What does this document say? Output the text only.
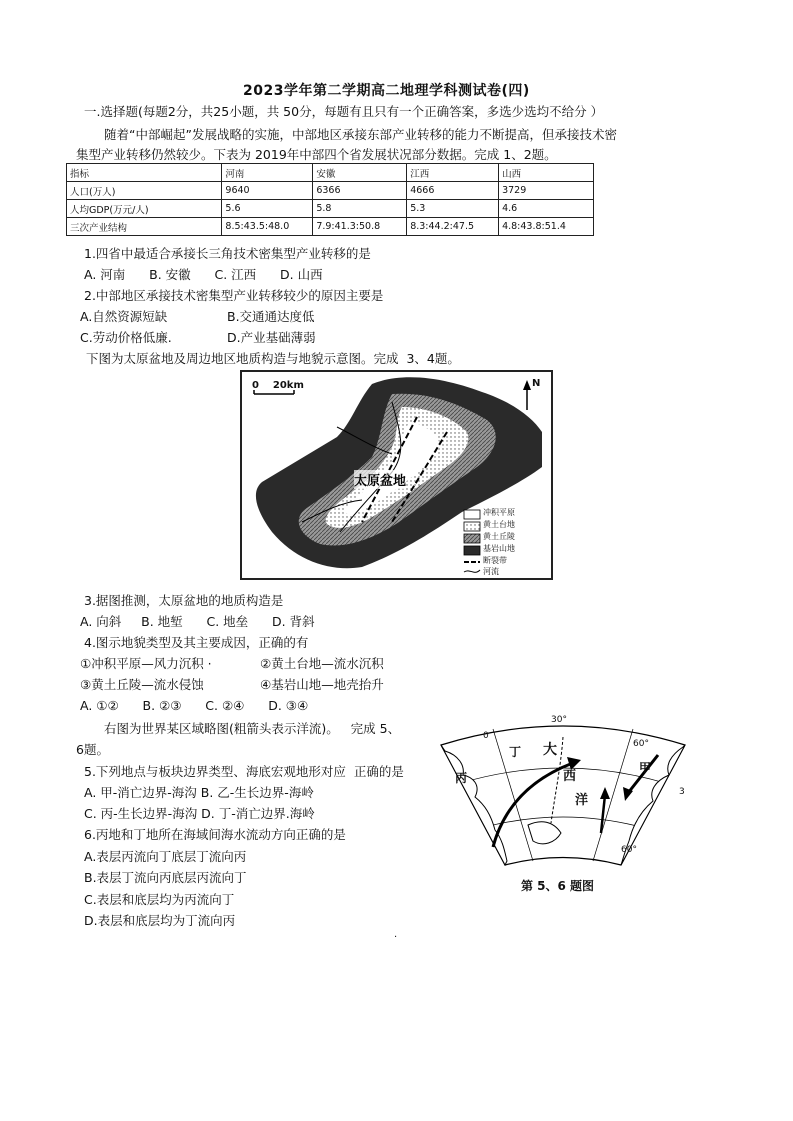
2023学年第二学期高二地理学科测试卷(四)
一.选择题(每题2分，共25小题，共 50分，每题有且只有一个正确答案，多选少选均不给分 ）
随着“中部崛起”发展战略的实施，中部地区承接东部产业转移的能力不断提高，但承接技术密
集型产业转移仍然较少。下表为 2019年中部四个省发展状况部分数据。完成 1、2题。
指标	河南	安徽	江西	山西
人口(万人)	9640	6366	4666	3729
人均GDP(万元/人)	5.6	5.8	5.3	4.6
三次产业结构	8.5:43.5:48.0	7.9:41.3:50.8	8.3:44.2:47.5	4.8:43.8:51.4
1.四省中最适合承接长三角技术密集型产业转移的是
A. 河南      B. 安徽      C. 江西      D. 山西
2.中部地区承接技术密集型产业转移较少的原因主要是
A.自然资源短缺	B.交通通达度低
C.劳动价格低廉.	D.产业基础薄弱
下图为太原盆地及周边地区地质构造与地貌示意图。完成  3、4题。
0    20km	N
太原盆地
冲积平原
黄土台地
黄土丘陵
基岩山地
断裂带
河流
3.据图推测，太原盆地的地质构造是
A. 向斜     B. 地堑      C. 地垒      D. 背斜
4.图示地貌类型及其主要成因，正确的有
①冲积平原—风力沉积 ·	②黄土台地—流水沉积
③黄土丘陵—流水侵蚀	④基岩山地—地壳抬升
A. ①②      B. ②③      C. ②④      D. ③④
右图为世界某区域略图(粗箭头表示洋流)。   完成 5、
6题。
5.下列地点与板块边界类型、海底宏观地形对应  正确的是
A. 甲-消亡边界-海沟 B. 乙-生长边界-海岭
C. 丙-生长边界-海沟 D. 丁-消亡边界.海岭
6.丙地和丁地所在海域间海水流动方向正确的是
A.表层丙流向丁底层丁流向丙
B.表层丁流向丙底层丙流向丁
C.表层和底层均为丙流向丁
D.表层和底层均为丁流向丙
30°
0
60°
3
60°
丁 大
丙	西
甲
洋
第 5、6 题图
·
